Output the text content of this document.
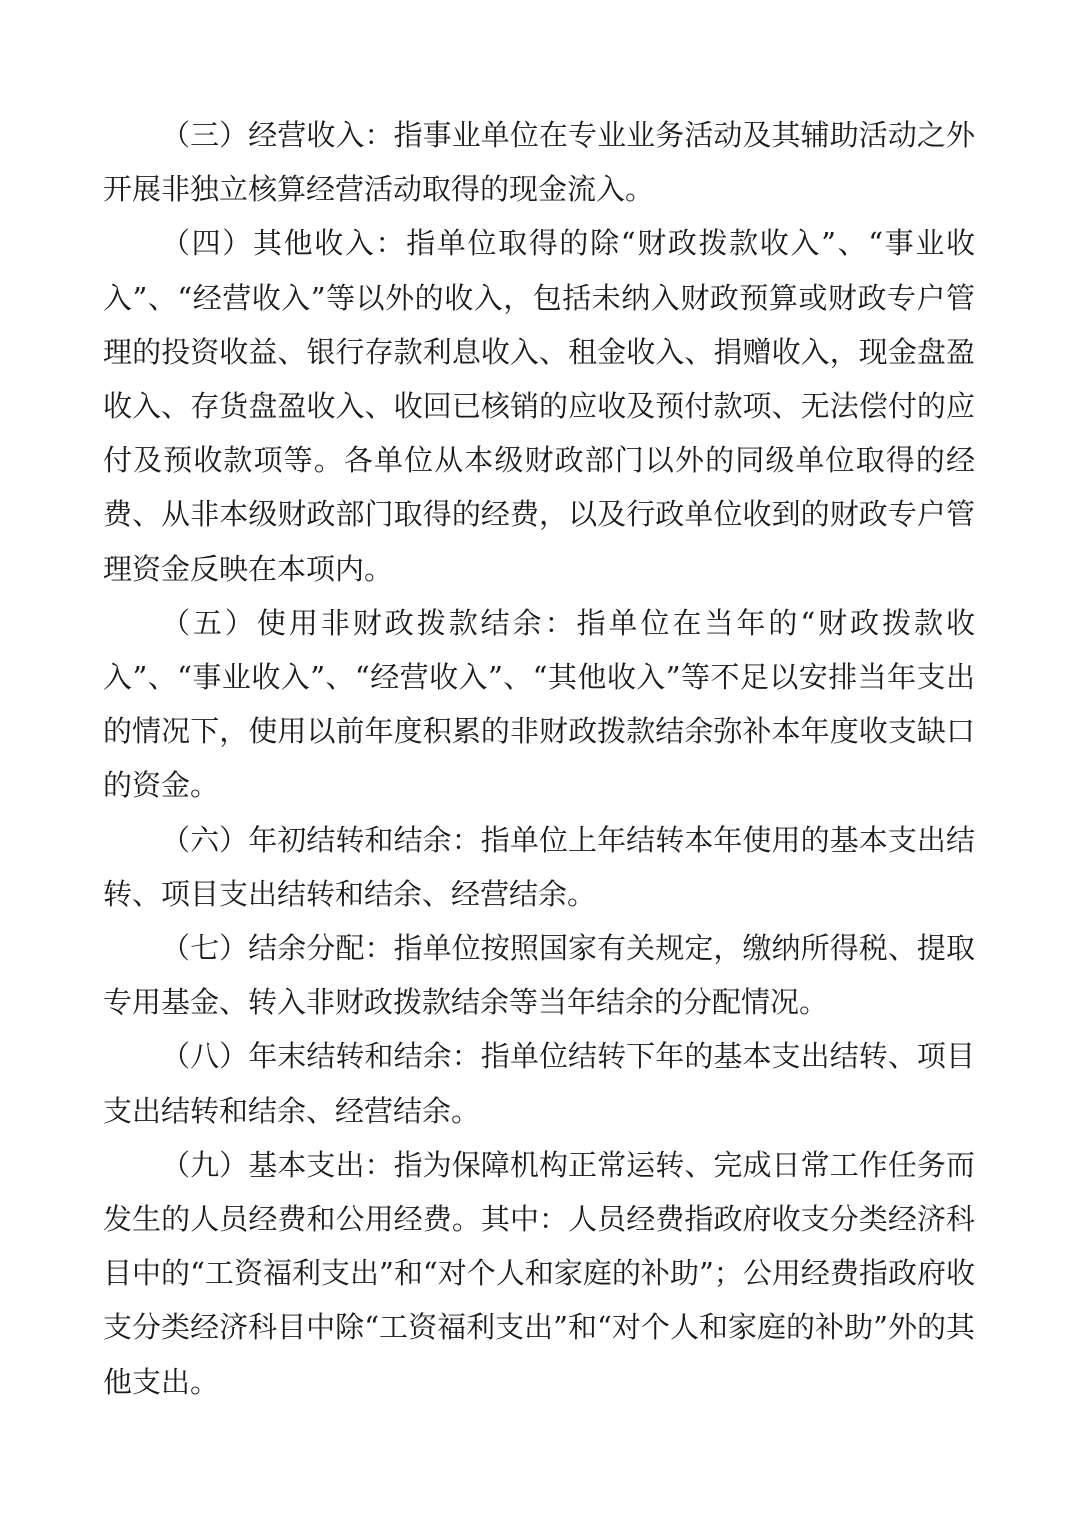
（三）经营收入：指事业单位在专业业务活动及其辅助活动之外开展非独立核算经营活动取得的现金流入。

（四）其他收入：指单位取得的除“财政拨款收入”、“事业收入”、“经营收入”等以外的收入，包括未纳入财政预算或财政专户管理的投资收益、银行存款利息收入、租金收入、捐赠收入，现金盘盈收入、存货盘盈收入、收回已核销的应收及预付款项、无法偿付的应付及预收款项等。各单位从本级财政部门以外的同级单位取得的经费、从非本级财政部门取得的经费，以及行政单位收到的财政专户管理资金反映在本项内。

（五）使用非财政拨款结余：指单位在当年的“财政拨款收入”、“事业收入”、“经营收入”、“其他收入”等不足以安排当年支出的情况下，使用以前年度积累的非财政拨款结余弥补本年度收支缺口的资金。

（六）年初结转和结余：指单位上年结转本年使用的基本支出结转、项目支出结转和结余、经营结余。

（七）结余分配：指单位按照国家有关规定，缴纳所得税、提取专用基金、转入非财政拨款结余等当年结余的分配情况。

（八）年末结转和结余：指单位结转下年的基本支出结转、项目支出结转和结余、经营结余。

（九）基本支出：指为保障机构正常运转、完成日常工作任务而发生的人员经费和公用经费。其中：人员经费指政府收支分类经济科目中的“工资福利支出”和“对个人和家庭的补助”；公用经费指政府收支分类经济科目中除“工资福利支出”和“对个人和家庭的补助”外的其他支出。
